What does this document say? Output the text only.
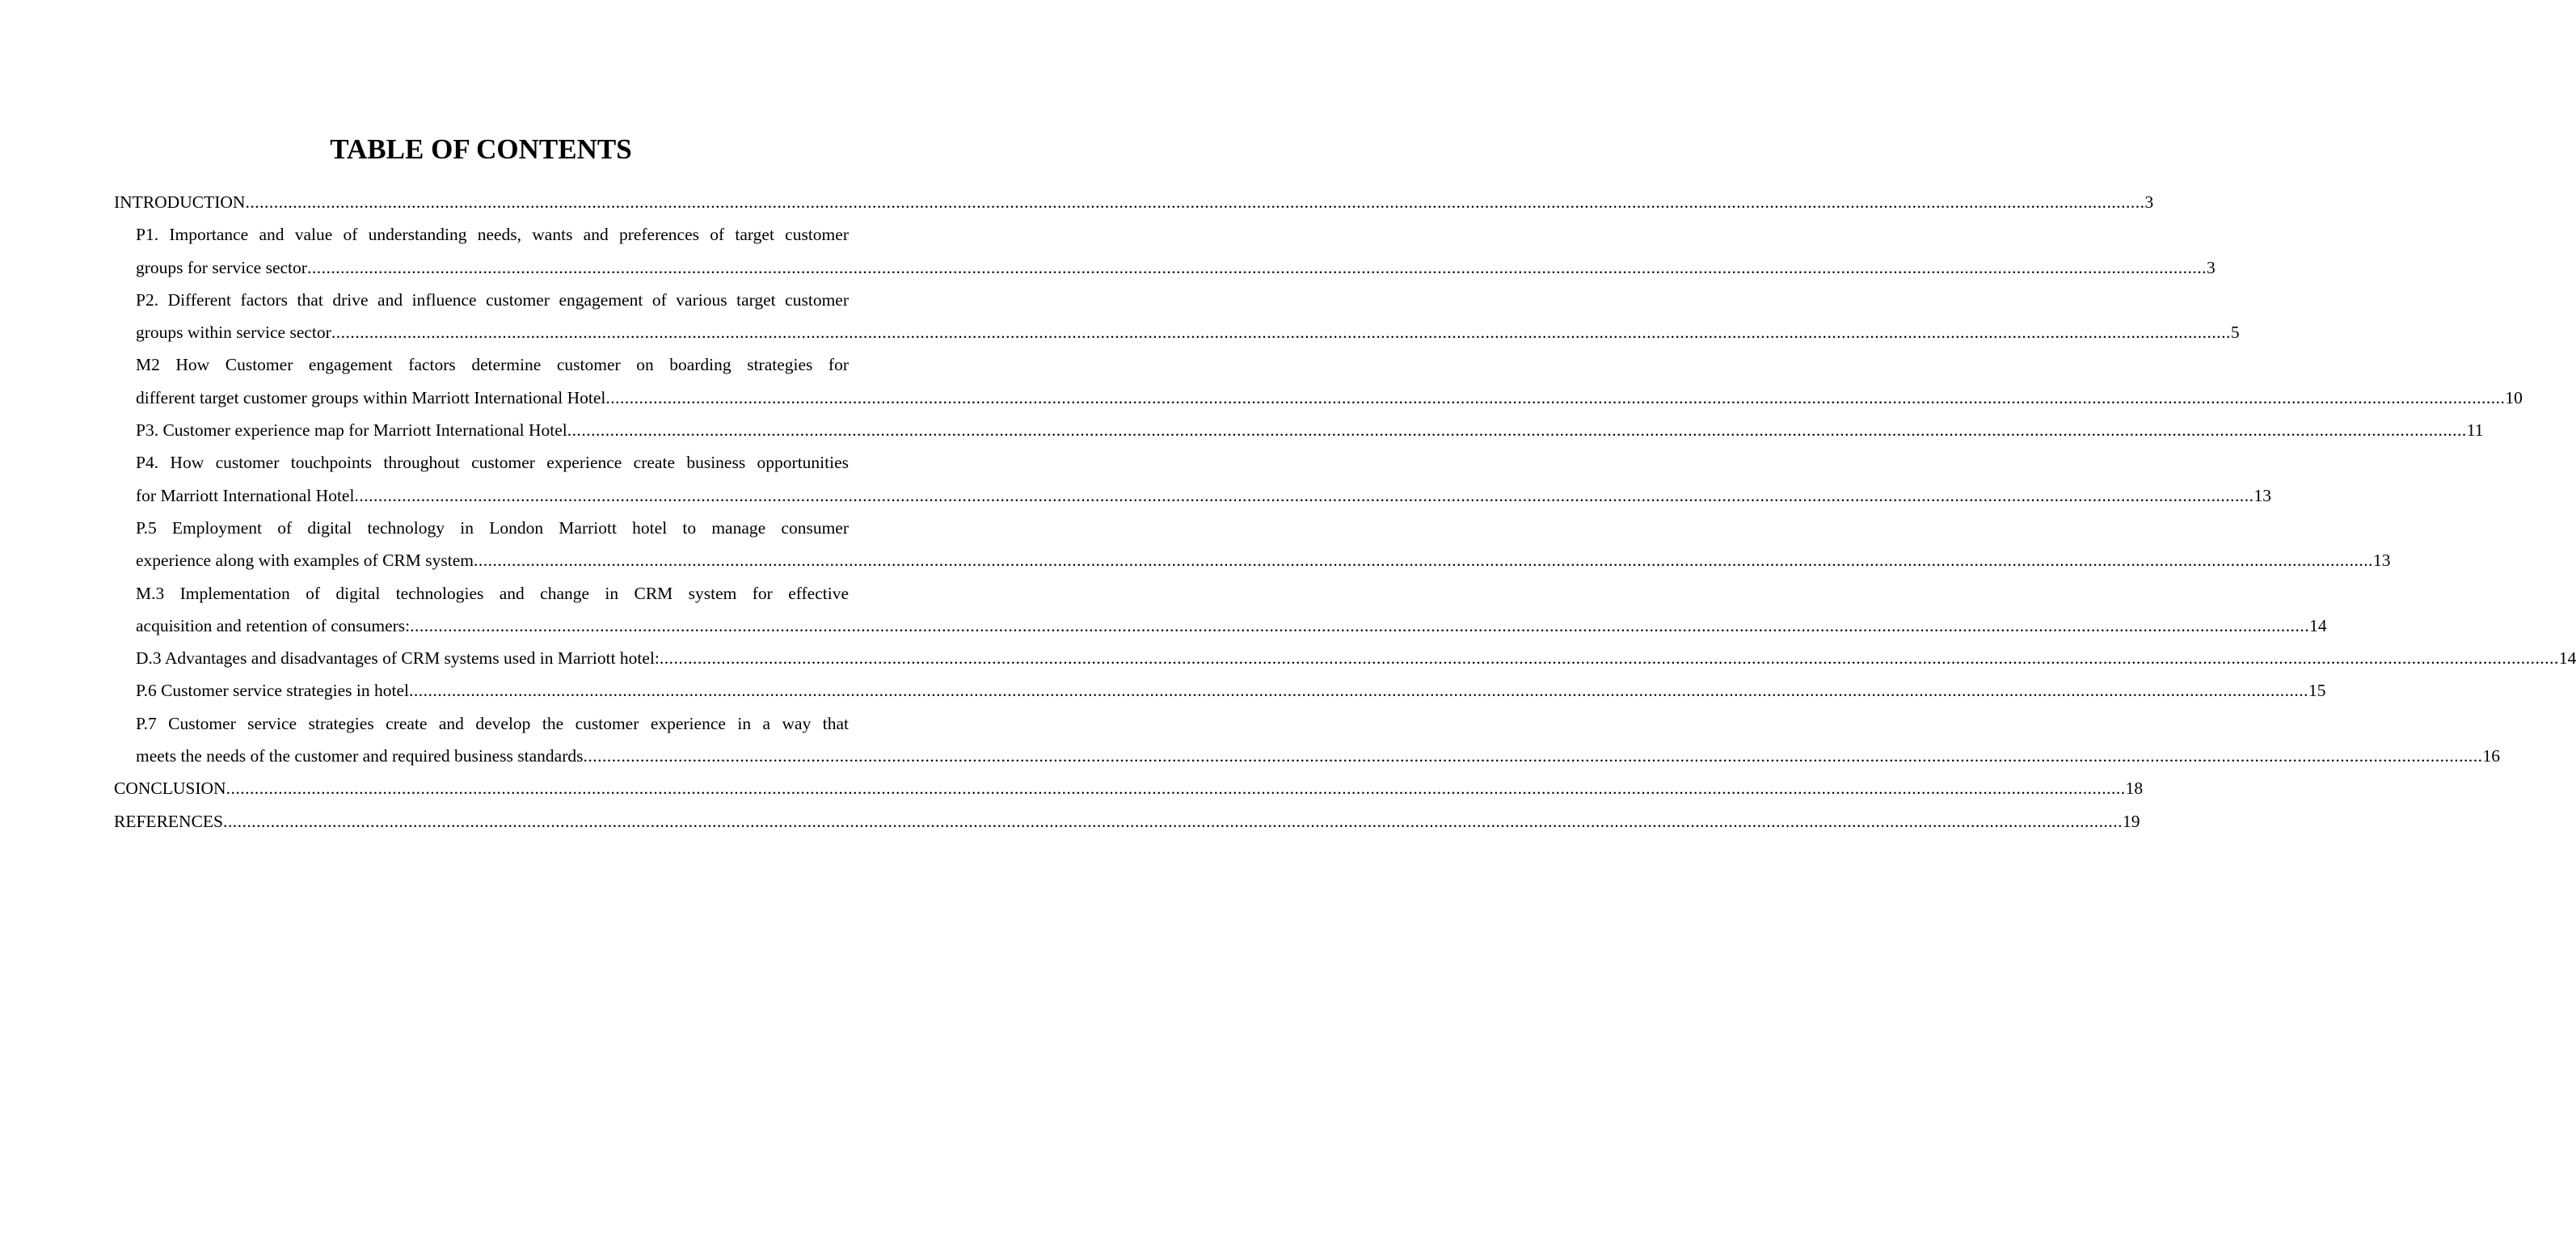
TABLE OF CONTENTS
INTRODUCTION ................................................................................................................................................................................................................................................................................................................................................................................................................ 3
P1. Importance and value of understanding needs, wants and preferences of target customer
groups for service sector ................................................................................................................................................................................................................................................................................................................................................................................................................ 3
P2. Different factors that drive and influence customer engagement of various target customer
groups within service sector ................................................................................................................................................................................................................................................................................................................................................................................................................ 5
M2 How Customer engagement factors determine customer on boarding strategies for
different target customer groups within Marriott International Hotel ................................................................................................................................................................................................................................................................................................................................................................................................................ 10
P3. Customer experience map for Marriott International Hotel ................................................................................................................................................................................................................................................................................................................................................................................................................ 11
P4. How customer touchpoints throughout customer experience create business opportunities
for Marriott International Hotel ................................................................................................................................................................................................................................................................................................................................................................................................................ 13
P.5 Employment of digital technology in London Marriott hotel to manage consumer
experience along with examples of CRM system ................................................................................................................................................................................................................................................................................................................................................................................................................ 13
M.3 Implementation of digital technologies and change in CRM system for effective
acquisition and retention of consumers: ................................................................................................................................................................................................................................................................................................................................................................................................................ 14
D.3 Advantages and disadvantages of CRM systems used in Marriott hotel: ................................................................................................................................................................................................................................................................................................................................................................................................................ 14
P.6 Customer service strategies in hotel ................................................................................................................................................................................................................................................................................................................................................................................................................ 15
P.7 Customer service strategies create and develop the customer experience in a way that
meets the needs of the customer and required business standards ................................................................................................................................................................................................................................................................................................................................................................................................................ 16
CONCLUSION ................................................................................................................................................................................................................................................................................................................................................................................................................ 18
REFERENCES ................................................................................................................................................................................................................................................................................................................................................................................................................ 19
